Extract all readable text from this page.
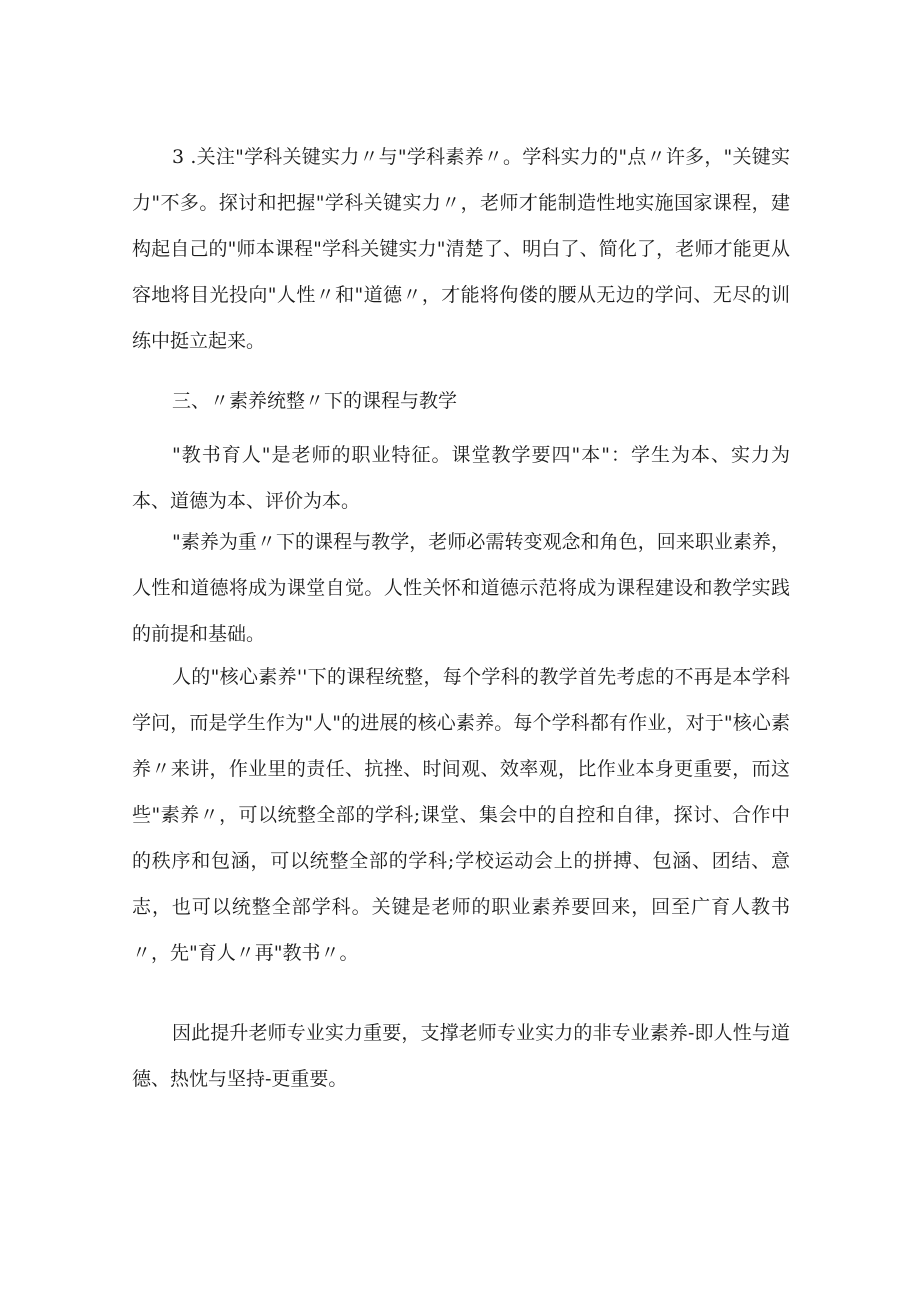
3 .关注"学科关键实力〃与"学科素养〃。学科实力的"点〃许多，"关键实力"不多。探讨和把握"学科关键实力〃，老师才能制造性地实施国家课程，建构起自己的"师本课程"学科关键实力"清楚了、明白了、简化了，老师才能更从容地将目光投向"人性〃和"道德〃，才能将佝偻的腰从无边的学问、无尽的训练中挺立起来。

三、〃素养统整〃下的课程与教学

"教书育人"是老师的职业特征。课堂教学要四"本"：学生为本、实力为本、道德为本、评价为本。

"素养为重〃下的课程与教学，老师必需转变观念和角色，回来职业素养，人性和道德将成为课堂自觉。人性关怀和道德示范将成为课程建设和教学实践的前提和基础。

人的"核心素养''下的课程统整，每个学科的教学首先考虑的不再是本学科学问，而是学生作为"人"的进展的核心素养。每个学科都有作业，对于"核心素养〃来讲，作业里的责任、抗挫、时间观、效率观，比作业本身更重要，而这些"素养〃，可以统整全部的学科;课堂、集会中的自控和自律，探讨、合作中的秩序和包涵，可以统整全部的学科;学校运动会上的拼搏、包涵、团结、意志，也可以统整全部学科。关键是老师的职业素养要回来，回至广育人教书〃，先"育人〃再"教书〃。

因此提升老师专业实力重要，支撑老师专业实力的非专业素养-即人性与道德、热忱与坚持-更重要。
